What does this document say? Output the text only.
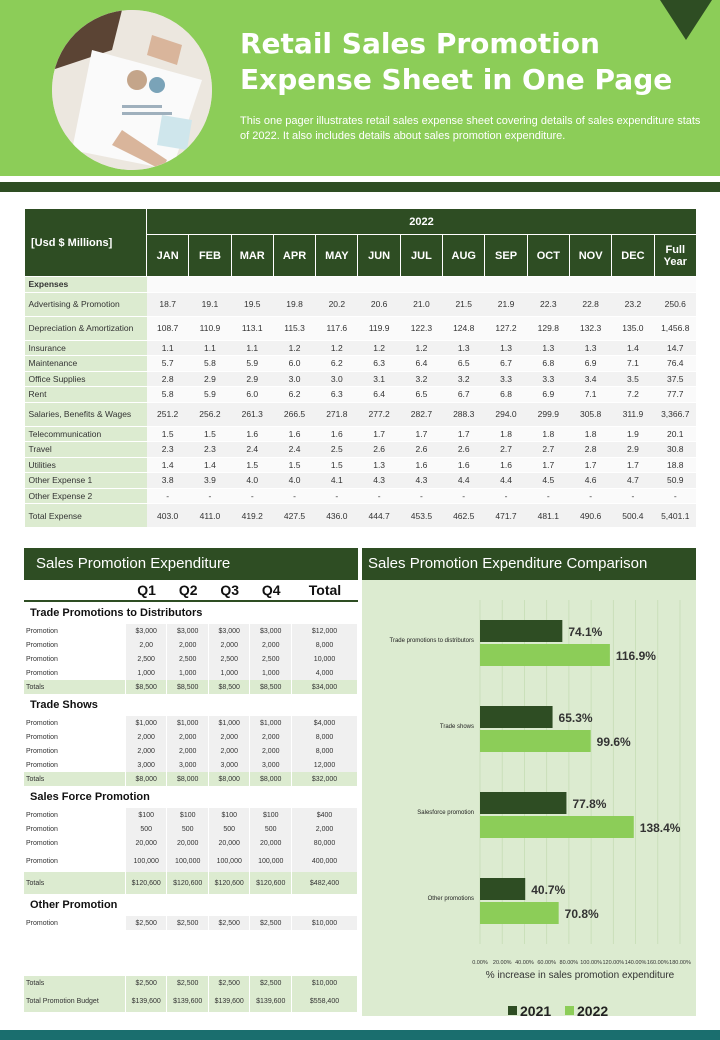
Retail Sales Promotion
Expense Sheet in One Page
This one pager illustrates retail sales expense sheet covering details of sales expenditure stats of 2022. It also includes details about sales promotion expenditure.
[Usd $ Millions]	2022												
	JAN	FEB	MAR	APR	MAY	JUN	JUL	AUG	SEP	OCT	NOV	DEC	Full Year
Expenses													
Advertising & Promotion	18.7	19.1	19.5	19.8	20.2	20.6	21.0	21.5	21.9	22.3	22.8	23.2	250.6
Depreciation & Amortization	108.7	110.9	113.1	115.3	117.6	119.9	122.3	124.8	127.2	129.8	132.3	135.0	1,456.8
Insurance	1.1	1.1	1.1	1.2	1.2	1.2	1.2	1.3	1.3	1.3	1.3	1.4	14.7
Maintenance	5.7	5.8	5.9	6.0	6.2	6.3	6.4	6.5	6.7	6.8	6.9	7.1	76.4
Office Supplies	2.8	2.9	2.9	3.0	3.0	3.1	3.2	3.2	3.3	3.3	3.4	3.5	37.5
Rent	5.8	5.9	6.0	6.2	6.3	6.4	6.5	6.7	6.8	6.9	7.1	7.2	77.7
Salaries, Benefits & Wages	251.2	256.2	261.3	266.5	271.8	277.2	282.7	288.3	294.0	299.9	305.8	311.9	3,366.7
Telecommunication	1.5	1.5	1.6	1.6	1.6	1.7	1.7	1.7	1.8	1.8	1.8	1.9	20.1
Travel	2.3	2.3	2.4	2.4	2.5	2.6	2.6	2.6	2.7	2.7	2.8	2.9	30.8
Utilities	1.4	1.4	1.5	1.5	1.5	1.3	1.6	1.6	1.6	1.7	1.7	1.7	18.8
Other Expense 1	3.8	3.9	4.0	4.0	4.1	4.3	4.3	4.4	4.4	4.5	4.6	4.7	50.9
Other Expense 2	-	-	-	-	-	-	-	-	-	-	-	-	-
Total Expense	403.0	411.0	419.2	427.5	436.0	444.7	453.5	462.5	471.7	481.1	490.6	500.4	5,401.1
Sales Promotion Expenditure
Q1	Q2	Q3	Q4	Total
Trade Promotions to Distributors
Promotion	$3,000	$3,000	$3,000	$3,000	$12,000
Promotion	2,00	2,000	2,000	2,000	8,000
Promotion	2,500	2,500	2,500	2,500	10,000
Promotion	1,000	1,000	1,000	1,000	4,000
Totals	$8,500	$8,500	$8,500	$8,500	$34,000
Trade Shows
Promotion	$1,000	$1,000	$1,000	$1,000	$4,000
Promotion	2,000	2,000	2,000	2,000	8,000
Promotion	2,000	2,000	2,000	2,000	8,000
Promotion	3,000	3,000	3,000	3,000	12,000
Totals	$8,000	$8,000	$8,000	$8,000	$32,000
Sales Force Promotion
Promotion	$100	$100	$100	$100	$400
Promotion	500	500	500	500	2,000
Promotion	20,000	20,000	20,000	20,000	80,000
Promotion	100,000	100,000	100,000	100,000	400,000
Totals	$120,600	$120,600	$120,600	$120,600	$482,400
Other Promotion
Promotion	$2,500	$2,500	$2,500	$2,500	$10,000
Totals	$2,500	$2,500	$2,500	$2,500	$10,000
Total Promotion Budget	$139,600	$139,600	$139,600	$139,600	$558,400
Sales Promotion Expenditure Comparison
Trade promotions to distributors
74.1%
116.9%
Trade shows
65.3%
99.6%
Salesforce promotion
77.8%
138.4%
Other promotions
40.7%
70.8%
0.00% 20.00% 40.00% 60.00% 80.00% 100.00% 120.00% 140.00% 160.00% 180.00%
% increase in sales promotion expenditure
2021 2022
